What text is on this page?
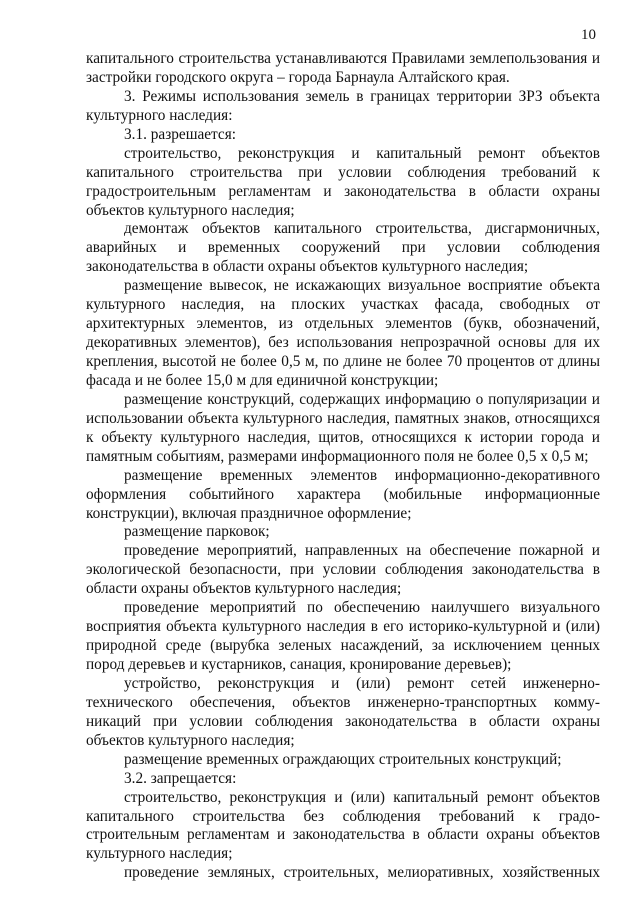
10
капитального строительства устанавливаются Правилами землепользования и
застройки городского округа – города Барнаула Алтайского края.
3. Режимы использования земель в границах территории ЗРЗ объекта
культурного наследия:
3.1. разрешается:
строительство, реконструкция и капитальный ремонт объектов
капитального строительства при условии соблюдения требований к
градостроительным регламентам и законодательства в области охраны
объектов культурного наследия;
демонтаж объектов капитального строительства, дисгармоничных,
аварийных и временных сооружений при условии соблюдения
законодательства в области охраны объектов культурного наследия;
размещение вывесок, не искажающих визуальное восприятие объекта
культурного наследия, на плоских участках фасада, свободных от
архитектурных элементов, из отдельных элементов (букв, обозначений,
декоративных элементов), без использования непрозрачной основы для их
крепления, высотой не более 0,5 м, по длине не более 70 процентов от длины
фасада и не более 15,0 м для единичной конструкции;
размещение конструкций, содержащих информацию о популяризации и
использовании объекта культурного наследия, памятных знаков, относящихся
к объекту культурного наследия, щитов, относящихся к истории города и
памятным событиям, размерами информационного поля не более 0,5 х 0,5 м;
размещение временных элементов информационно-декоративного
оформления событийного характера (мобильные информационные
конструкции), включая праздничное оформление;
размещение парковок;
проведение мероприятий, направленных на обеспечение пожарной и
экологической безопасности, при условии соблюдения законодательства в
области охраны объектов культурного наследия;
проведение мероприятий по обеспечению наилучшего визуального
восприятия объекта культурного наследия в его историко-культурной и (или)
природной среде (вырубка зеленых насаждений, за исключением ценных
пород деревьев и кустарников, санация, кронирование деревьев);
устройство, реконструкция и (или) ремонт сетей инженерно-
технического обеспечения, объектов инженерно-транспортных комму-
никаций при условии соблюдения законодательства в области охраны
объектов культурного наследия;
размещение временных ограждающих строительных конструкций;
3.2. запрещается:
строительство, реконструкция и (или) капитальный ремонт объектов
капитального строительства без соблюдения требований к градо-
строительным регламентам и законодательства в области охраны объектов
культурного наследия;
проведение земляных, строительных, мелиоративных, хозяйственных
